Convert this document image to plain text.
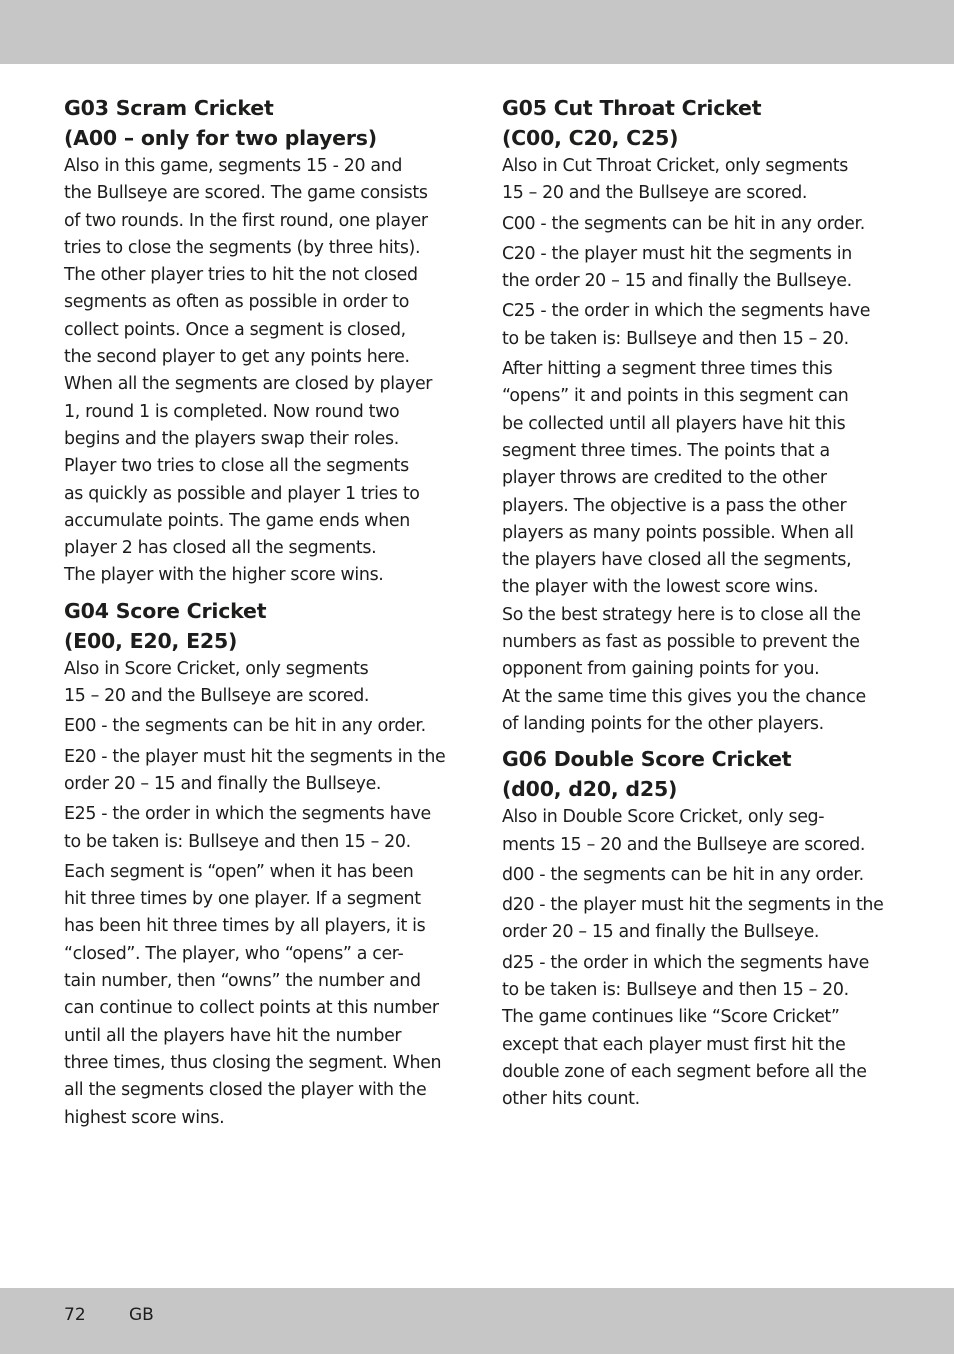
G03 Scram Cricket
(A00 – only for two players)

Also in this game, segments 15 - 20 and

the Bullseye are scored. The game consists

of two rounds. In the first round, one player

tries to close the segments (by three hits).

The other player tries to hit the not closed

segments as often as possible in order to

collect points. Once a segment is closed,

the second player to get any points here.

When all the segments are closed by player

1, round 1 is completed. Now round two

begins and the players swap their roles.

Player two tries to close all the segments

as quickly as possible and player 1 tries to

accumulate points. The game ends when

player 2 has closed all the segments.

The player with the higher score wins.

G04 Score Cricket
(E00, E20, E25)

Also in Score Cricket, only segments

15 – 20 and the Bullseye are scored.

E00 - the segments can be hit in any order.

E20 - the player must hit the segments in the

order 20 – 15 and finally the Bullseye.

E25 - the order in which the segments have

to be taken is: Bullseye and then 15 – 20.

Each segment is “open” when it has been

hit three times by one player. If a segment

has been hit three times by all players, it is

“closed”. The player, who “opens” a cer-

tain number, then “owns” the number and

can continue to collect points at this number

until all the players have hit the number

three times, thus closing the segment. When

all the segments closed the player with the

highest score wins.

G05 Cut Throat Cricket
(C00, C20, C25)

Also in Cut Throat Cricket, only segments

15 – 20 and the Bullseye are scored.

C00 - the segments can be hit in any order.

C20 - the player must hit the segments in

the order 20 – 15 and finally the Bullseye.

C25 - the order in which the segments have

to be taken is: Bullseye and then 15 – 20.

After hitting a segment three times this

“opens” it and points in this segment can

be collected until all players have hit this

segment three times. The points that a

player throws are credited to the other

players. The objective is a pass the other

players as many points possible. When all

the players have closed all the segments,

the player with the lowest score wins.

So the best strategy here is to close all the

numbers as fast as possible to prevent the

opponent from gaining points for you.

At the same time this gives you the chance

of landing points for the other players.

G06 Double Score Cricket
(d00, d20, d25)

Also in Double Score Cricket, only seg-

ments 15 – 20 and the Bullseye are scored.

d00 - the segments can be hit in any order.

d20 - the player must hit the segments in the

order 20 – 15 and finally the Bullseye.

d25 - the order in which the segments have

to be taken is: Bullseye and then 15 – 20.

The game continues like “Score Cricket”

except that each player must first hit the

double zone of each segment before all the

other hits count.

72	GB
